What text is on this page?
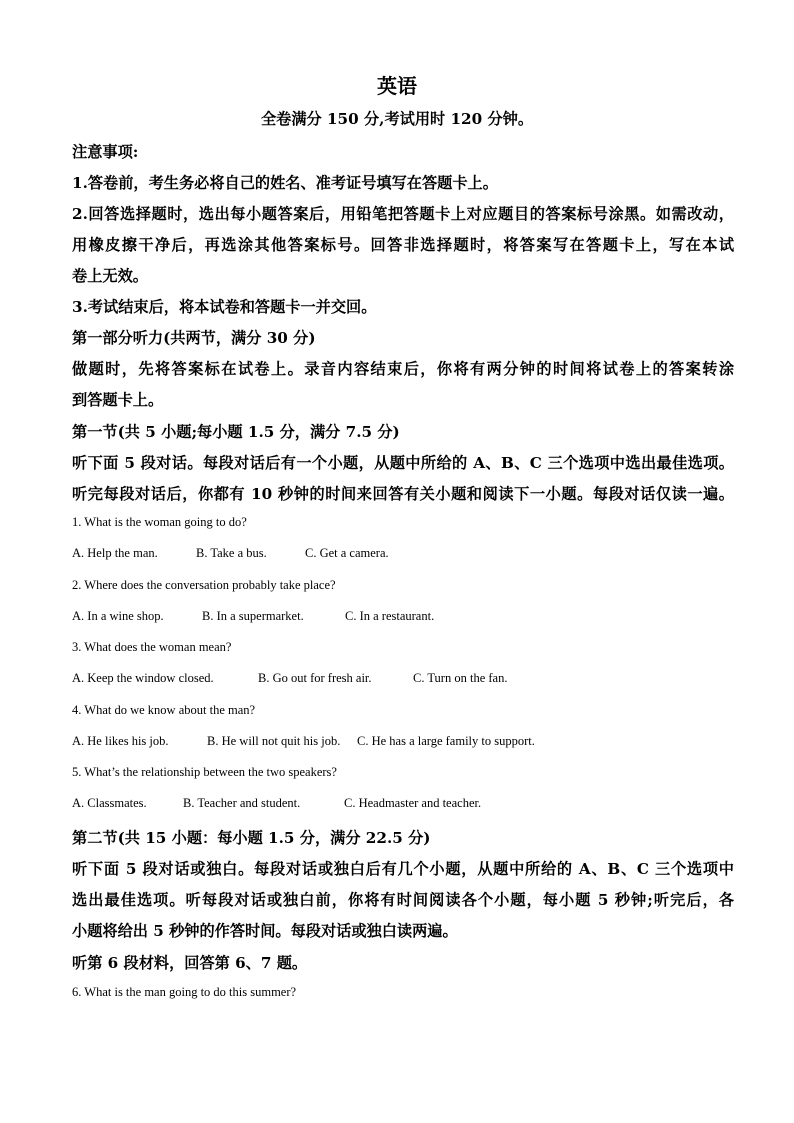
英语
全卷满分 150 分,考试用时 120 分钟。
注意事项:
1.答卷前，考生务必将自己的姓名、准考证号填写在答题卡上。
2.回答选择题时，选出每小题答案后，用铅笔把答题卡上对应题目的答案标号涂黑。如需改动，
用橡皮擦干净后，再选涂其他答案标号。回答非选择题时，将答案写在答题卡上，写在本试
卷上无效。
3.考试结束后，将本试卷和答题卡一并交回。
第一部分听力(共两节，满分 30 分)
做题时，先将答案标在试卷上。录音内容结束后，你将有两分钟的时间将试卷上的答案转涂
到答题卡上。
第一节(共 5 小题;每小题 1.5 分，满分 7.5 分)
听下面 5 段对话。每段对话后有一个小题，从题中所给的 A、B、C 三个选项中选出最佳选项。
听完每段对话后，你都有 10 秒钟的时间来回答有关小题和阅读下一小题。每段对话仅读一遍。
1. What is the woman going to do?
A. Help the man.	B. Take a bus.	C. Get a camera.
2. Where does the conversation probably take place?
A. In a wine shop.	B. In a supermarket.	C. In a restaurant.
3. What does the woman mean?
A. Keep the window closed.	B. Go out for fresh air.	C. Turn on the fan.
4. What do we know about the man?
A. He likes his job.	B. He will not quit his job. C. He has a large family to support.
5. What’s the relationship between the two speakers?
A. Classmates.	B. Teacher and student.	C. Headmaster and teacher.
第二节(共 15 小题：每小题 1.5 分，满分 22.5 分)
听下面 5 段对话或独白。每段对话或独白后有几个小题，从题中所给的 A、B、C 三个选项中
选出最佳选项。听每段对话或独白前，你将有时间阅读各个小题，每小题 5 秒钟;听完后，各
小题将给出 5 秒钟的作答时间。每段对话或独白读两遍。
听第 6 段材料，回答第 6、7 题。
6. What is the man going to do this summer?
